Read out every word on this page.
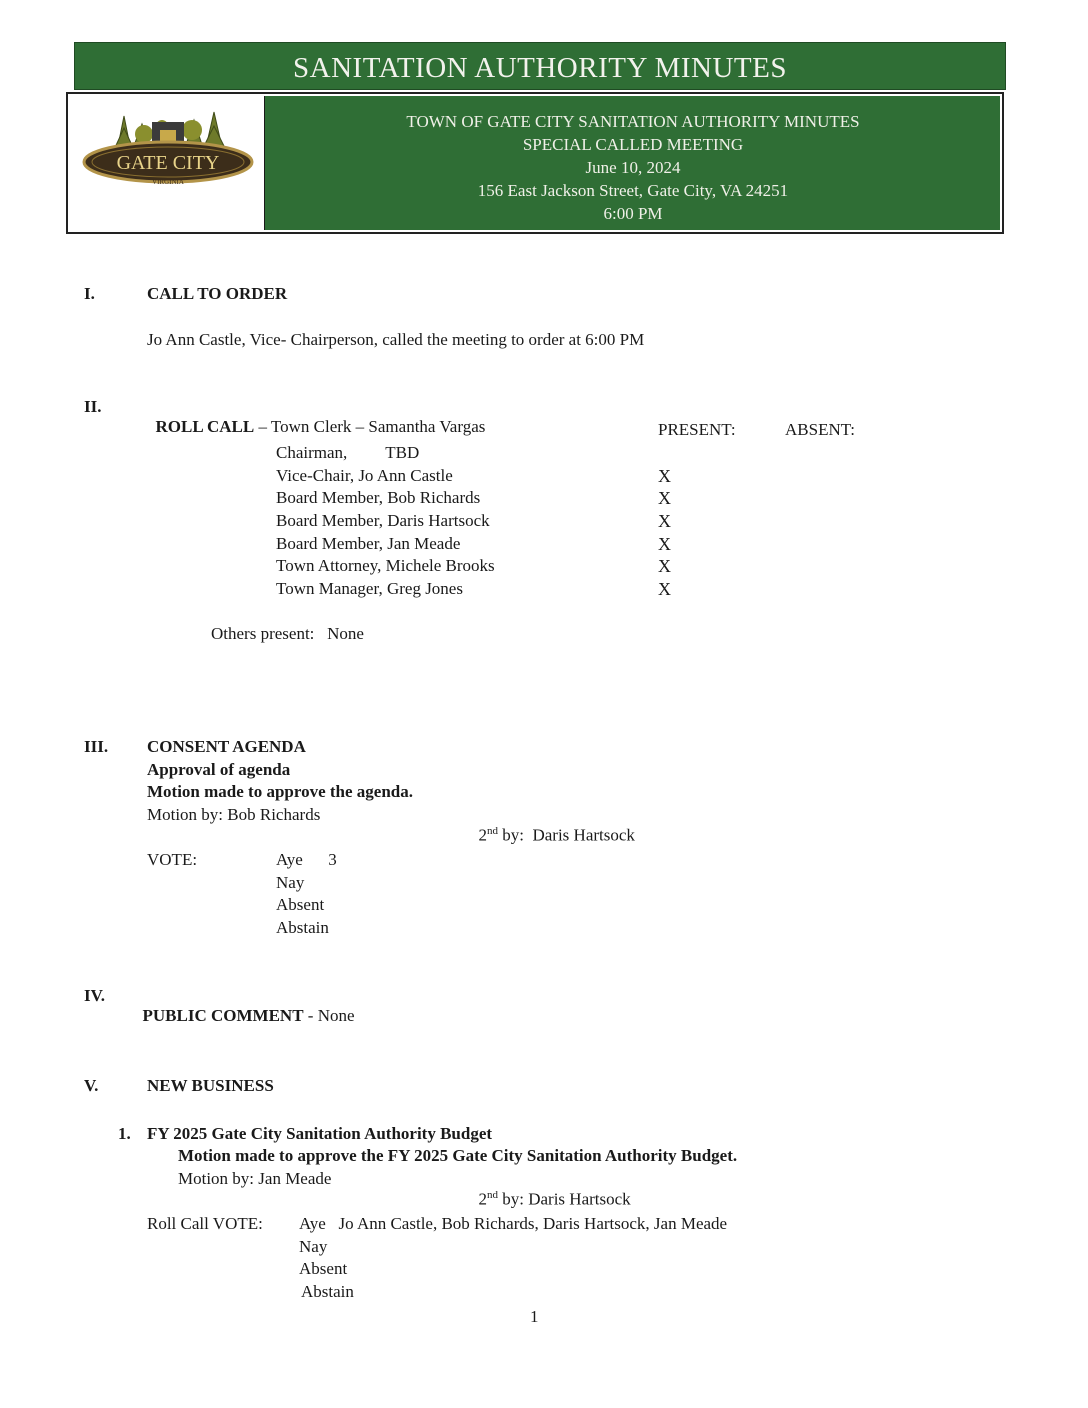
SANITATION AUTHORITY MINUTES
GATE CITY
VIRGINIA
TOWN OF GATE CITY SANITATION AUTHORITY MINUTES
SPECIAL CALLED MEETING
June 10, 2024
156 East Jackson Street, Gate City, VA 24251
6:00 PM
I.	CALL TO ORDER
Jo Ann Castle, Vice- Chairperson, called the meeting to order at 6:00 PM
II.

ROLL CALL – Town Clerk – Samantha Vargas	PRESENT:	ABSENT:
Chairman,         TBD
Vice-Chair, Jo Ann Castle	X
Board Member, Bob Richards	X
Board Member, Daris Hartsock	X
Board Member, Jan Meade	X
Town Attorney, Michele Brooks	X
Town Manager, Greg Jones	X
Others present:   None
III. CONSENT AGENDA
Approval of agenda
Motion made to approve the agenda.
Motion by: Bob Richards

2nd by:  Daris Hartsock

VOTE:	Aye      3
Nay
Absent
Abstain
IV.

PUBLIC COMMENT - None

V.	NEW BUSINESS
1. FY 2025 Gate City Sanitation Authority Budget
Motion made to approve the FY 2025 Gate City Sanitation Authority Budget.
Motion by: Jan Meade

2nd by: Daris Hartsock

Roll Call VOTE: Aye   Jo Ann Castle, Bob Richards, Daris Hartsock, Jan Meade
Nay
Absent
Abstain
1
